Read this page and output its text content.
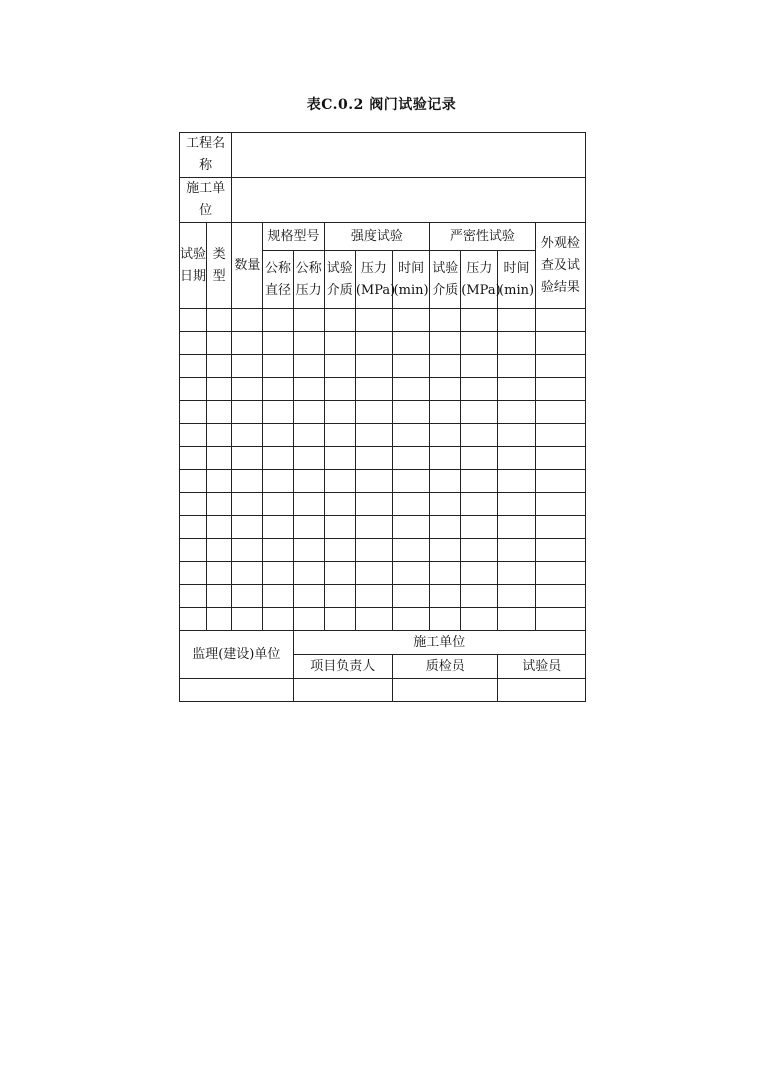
表C.0.2 阀门试验记录
工程名称											
施工单位											
试验日期	类型	数量	规格型号		强度试验			严密性试验			外观检查及试验结果
			公称直径	公称压力	试验介质	压力(MPa)	时间(min)	试验介质	压力(MPa)	时间(min)	

监理(建设)单位				施工单位							
				项目负责人			质检员			试验员	
